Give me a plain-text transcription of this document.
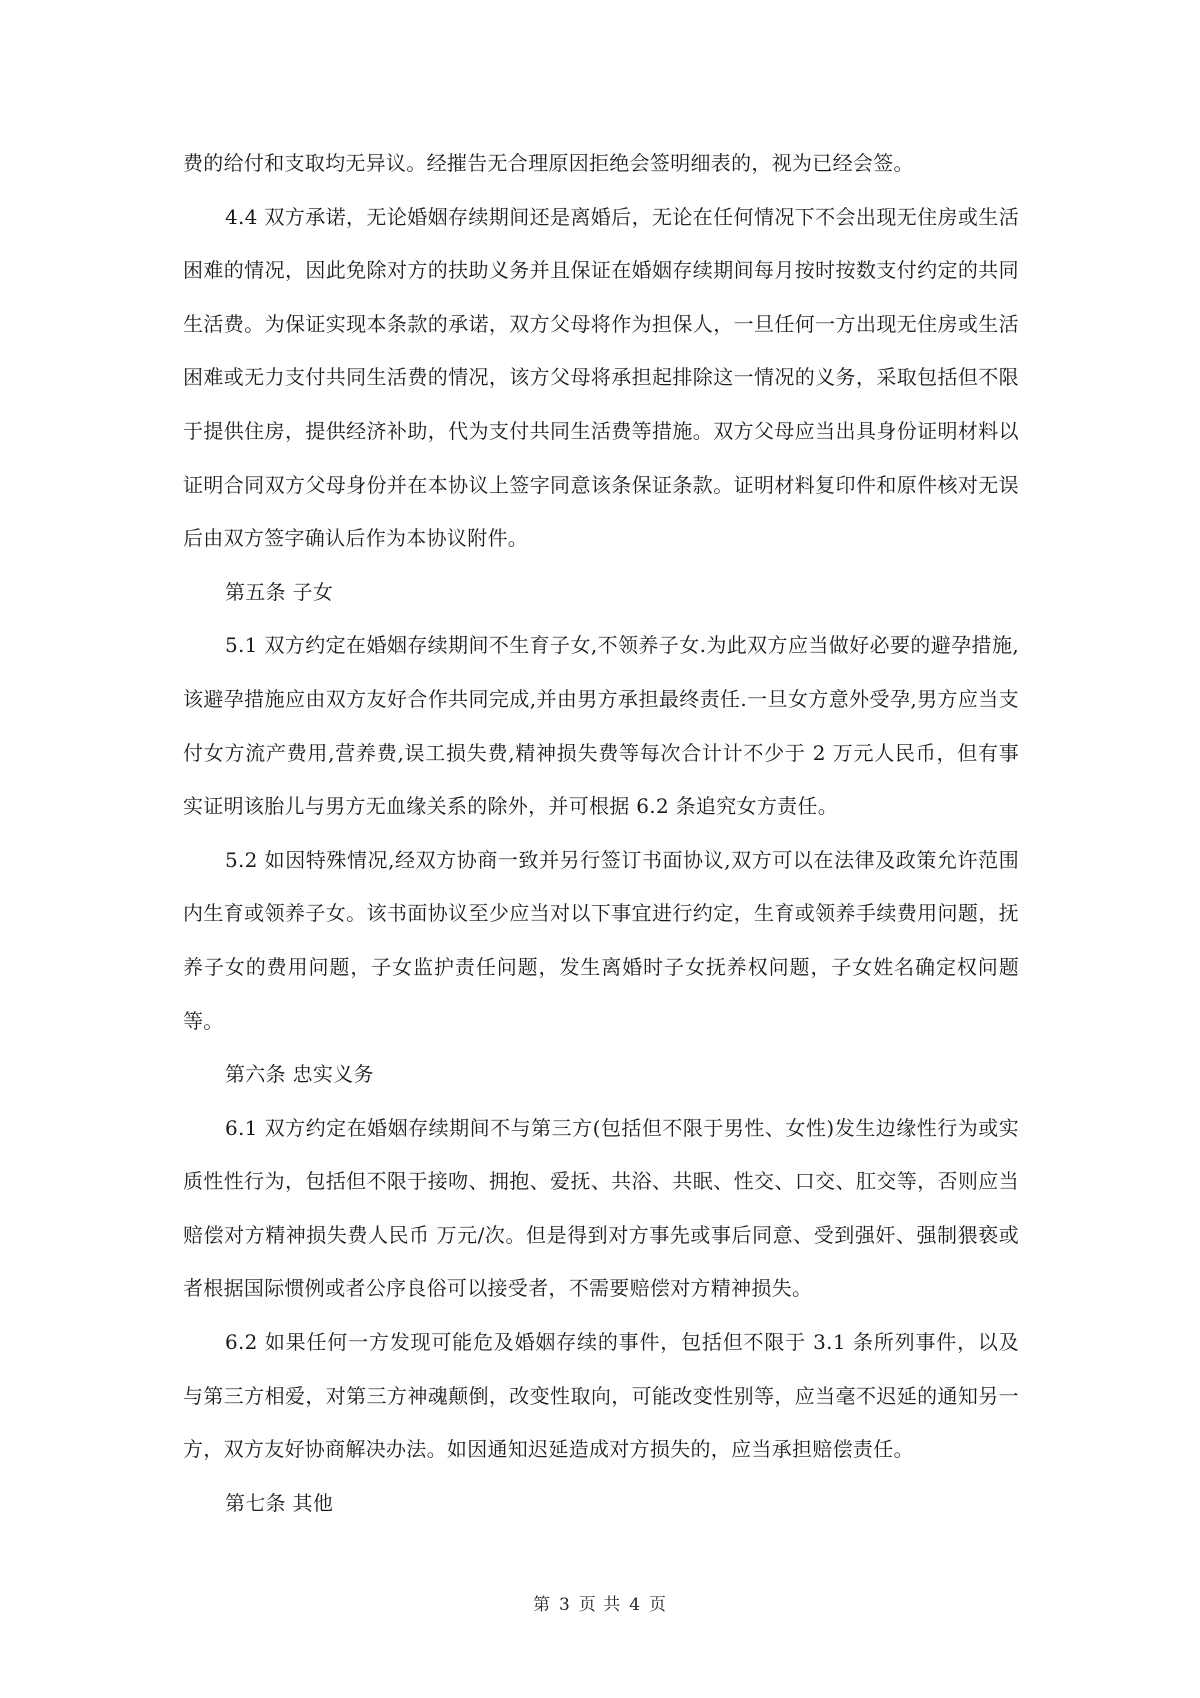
费的给付和支取均无异议。经摧告无合理原因拒绝会签明细表的，视为已经会签。

4.4 双方承诺，无论婚姻存续期间还是离婚后，无论在任何情况下不会出现无住房或生活困难的情况，因此免除对方的扶助义务并且保证在婚姻存续期间每月按时按数支付约定的共同生活费。为保证实现本条款的承诺，双方父母将作为担保人，一旦任何一方出现无住房或生活困难或无力支付共同生活费的情况，该方父母将承担起排除这一情况的义务，采取包括但不限于提供住房，提供经济补助，代为支付共同生活费等措施。双方父母应当出具身份证明材料以证明合同双方父母身份并在本协议上签字同意该条保证条款。证明材料复印件和原件核对无误后由双方签字确认后作为本协议附件。

第五条 子女

5.1 双方约定在婚姻存续期间不生育子女,不领养子女.为此双方应当做好必要的避孕措施,该避孕措施应由双方友好合作共同完成,并由男方承担最终责任.一旦女方意外受孕,男方应当支付女方流产费用,营养费,误工损失费,精神损失费等每次合计计不少于 2 万元人民币，但有事实证明该胎儿与男方无血缘关系的除外，并可根据 6.2 条追究女方责任。

5.2 如因特殊情况,经双方协商一致并另行签订书面协议,双方可以在法律及政策允许范围内生育或领养子女。该书面协议至少应当对以下事宜进行约定，生育或领养手续费用问题，抚养子女的费用问题，子女监护责任问题，发生离婚时子女抚养权问题，子女姓名确定权问题等。

第六条 忠实义务

6.1 双方约定在婚姻存续期间不与第三方(包括但不限于男性、女性)发生边缘性行为或实质性性行为，包括但不限于接吻、拥抱、爱抚、共浴、共眠、性交、口交、肛交等，否则应当赔偿对方精神损失费人民币 万元/次。但是得到对方事先或事后同意、受到强奸、强制猥亵或者根据国际惯例或者公序良俗可以接受者，不需要赔偿对方精神损失。

6.2 如果任何一方发现可能危及婚姻存续的事件，包括但不限于 3.1 条所列事件，以及与第三方相爱，对第三方神魂颠倒，改变性取向，可能改变性别等，应当毫不迟延的通知另一方，双方友好协商解决办法。如因通知迟延造成对方损失的，应当承担赔偿责任。

第七条 其他

第 3 页 共 4 页
